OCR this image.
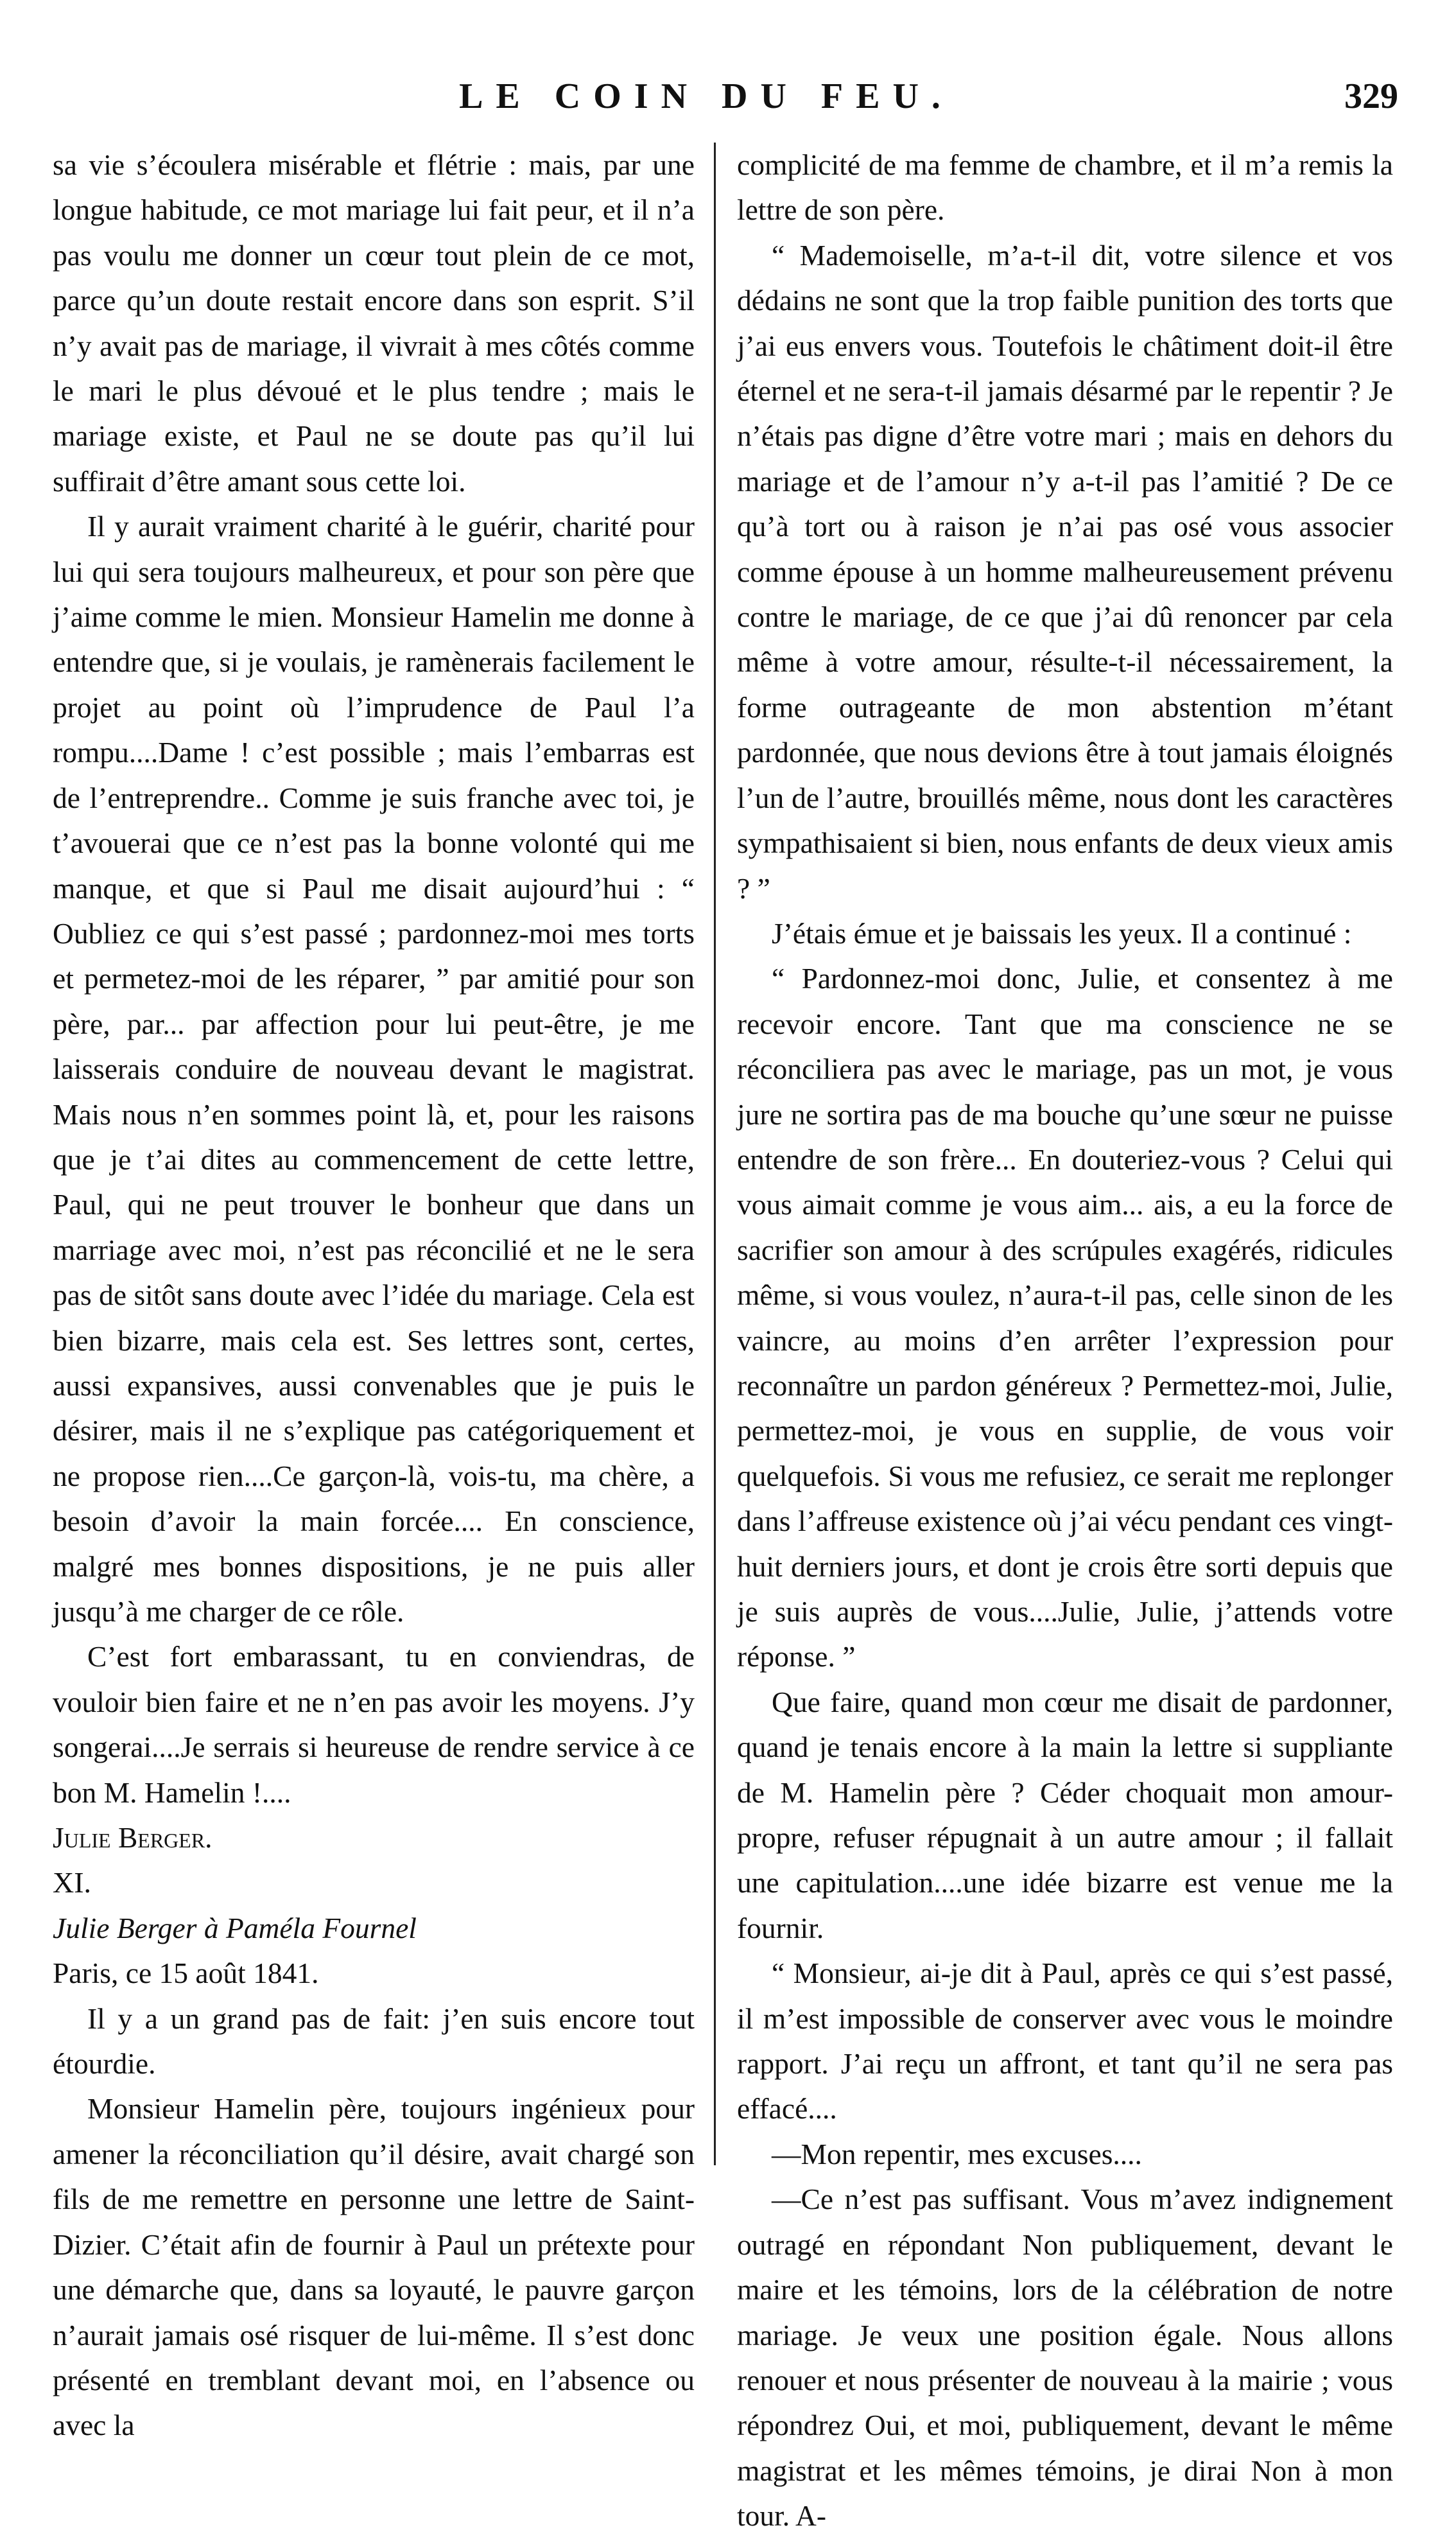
LE COIN DU FEU.	329

sa vie s’écoulera misérable et flétrie : mais, par une longue habitude, ce mot mariage lui fait peur, et il n’a pas voulu me donner un cœur tout plein de ce mot, parce qu’un doute restait encore dans son esprit. S’il n’y avait pas de mariage, il vivrait à mes côtés comme le mari le plus dévoué et le plus tendre ; mais le mariage existe, et Paul ne se doute pas qu’il lui suffirait d’être amant sous cette loi.

Il y aurait vraiment charité à le guérir, charité pour lui qui sera toujours malheureux, et pour son père que j’aime comme le mien. Monsieur Hamelin me donne à entendre que, si je voulais, je ramènerais facilement le projet au point où l’imprudence de Paul l’a rompu....Dame ! c’est possible ; mais l’embarras est de l’entreprendre.. Comme je suis franche avec toi, je t’avouerai que ce n’est pas la bonne volonté qui me manque, et que si Paul me disait aujourd’hui : “ Oubliez ce qui s’est passé ; pardonnez-moi mes torts et permetez-moi de les réparer, ” par amitié pour son père, par... par affection pour lui peut-être, je me laisserais conduire de nouveau devant le magistrat. Mais nous n’en sommes point là, et, pour les raisons que je t’ai dites au commencement de cette lettre, Paul, qui ne peut trouver le bonheur que dans un marriage avec moi, n’est pas réconcilié et ne le sera pas de sitôt sans doute avec l’idée du mariage. Cela est bien bizarre, mais cela est. Ses lettres sont, certes, aussi expansives, aussi convenables que je puis le désirer, mais il ne s’explique pas catégoriquement et ne propose rien....Ce garçon-là, vois-tu, ma chère, a besoin d’avoir la main forcée.... En conscience, malgré mes bonnes dispositions, je ne puis aller jusqu’à me charger de ce rôle.

C’est fort embarassant, tu en conviendras, de vouloir bien faire et ne n’en pas avoir les moyens. J’y songerai....Je serrais si heureuse de rendre service à ce bon M. Hamelin !....

Julie Berger.

XI.

Julie Berger à Paméla Fournel

Paris, ce 15 août 1841.

Il y a un grand pas de fait: j’en suis encore tout étourdie.

Monsieur Hamelin père, toujours ingénieux pour amener la réconciliation qu’il désire, avait chargé son fils de me remettre en personne une lettre de Saint-Dizier. C’était afin de fournir à Paul un prétexte pour une démarche que, dans sa loyauté, le pauvre garçon n’aurait jamais osé risquer de lui-même. Il s’est donc présenté en tremblant devant moi, en l’absence ou avec la

complicité de ma femme de chambre, et il m’a remis la lettre de son père.

“ Mademoiselle, m’a-t-il dit, votre silence et vos dédains ne sont que la trop faible punition des torts que j’ai eus envers vous. Toutefois le châtiment doit-il être éternel et ne sera-t-il jamais désarmé par le repentir ? Je n’étais pas digne d’être votre mari ; mais en dehors du mariage et de l’amour n’y a-t-il pas l’amitié ? De ce qu’à tort ou à raison je n’ai pas osé vous associer comme épouse à un homme malheureusement prévenu contre le mariage, de ce que j’ai dû renoncer par cela même à votre amour, résulte-t-il nécessairement, la forme outrageante de mon abstention m’étant pardonnée, que nous devions être à tout jamais éloignés l’un de l’autre, brouillés même, nous dont les caractères sympathisaient si bien, nous enfants de deux vieux amis ? ”

J’étais émue et je baissais les yeux. Il a continué :

“ Pardonnez-moi donc, Julie, et consentez à me recevoir encore. Tant que ma conscience ne se réconciliera pas avec le mariage, pas un mot, je vous jure ne sortira pas de ma bouche qu’une sœur ne puisse entendre de son frère... En douteriez-vous ? Celui qui vous aimait comme je vous aim... ais, a eu la force de sacrifier son amour à des scrúpules exagérés, ridicules même, si vous voulez, n’aura-t-il pas, celle sinon de les vaincre, au moins d’en arrêter l’expression pour reconnaître un pardon généreux ? Permettez-moi, Julie, permettez-moi, je vous en supplie, de vous voir quelquefois. Si vous me refusiez, ce serait me replonger dans l’affreuse existence où j’ai vécu pendant ces vingt-huit derniers jours, et dont je crois être sorti depuis que je suis auprès de vous....Julie, Julie, j’attends votre réponse. ”

Que faire, quand mon cœur me disait de pardonner, quand je tenais encore à la main la lettre si suppliante de M. Hamelin père ? Céder choquait mon amour-propre, refuser répugnait à un autre amour ; il fallait une capitulation....une idée bizarre est venue me la fournir.

“ Monsieur, ai-je dit à Paul, après ce qui s’est passé, il m’est impossible de conserver avec vous le moindre rapport. J’ai reçu un affront, et tant qu’il ne sera pas effacé....

—Mon repentir, mes excuses....

—Ce n’est pas suffisant. Vous m’avez indignement outragé en répondant Non publiquement, devant le maire et les témoins, lors de la célébration de notre mariage. Je veux une position égale. Nous allons renouer et nous présenter de nouveau à la mairie ; vous répondrez Oui, et moi, publiquement, devant le même magistrat et les mêmes témoins, je dirai Non à mon tour. A-
